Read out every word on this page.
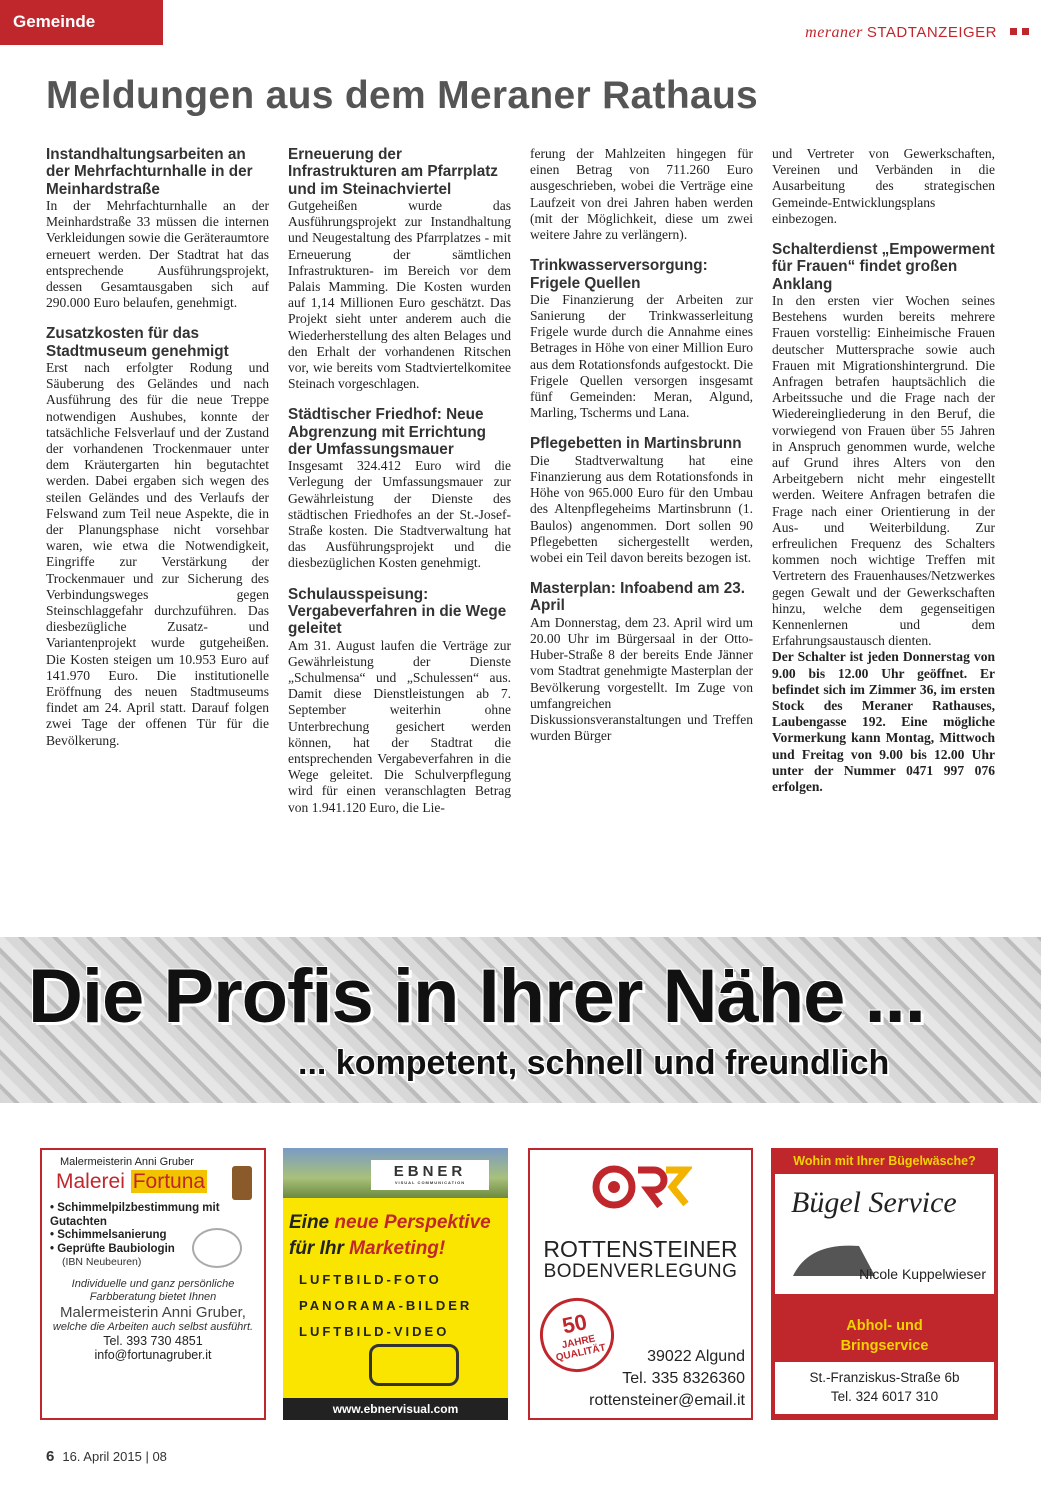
Gemeinde
meraner STADTANZEIGER
Meldungen aus dem Meraner Rathaus
Instandhaltungsarbeiten an der Mehrfachturnhalle in der Meinhardstraße

In der Mehrfachturnhalle an der Meinhardstraße 33 müssen die internen Verkleidungen sowie die Geräteraumtore erneuert werden. Der Stadtrat hat das entsprechende Ausführungsprojekt, dessen Gesamtausgaben sich auf 290.000 Euro belaufen, genehmigt.

Zusatzkosten für das Stadtmuseum genehmigt

Erst nach erfolgter Rodung und Säuberung des Geländes und nach Ausführung des für die neue Treppe notwendigen Aushubes, konnte der tatsächliche Felsverlauf und der Zustand der vorhandenen Trockenmauer unter dem Kräutergarten hin begutachtet werden. Dabei ergaben sich wegen des steilen Geländes und des Verlaufs der Felswand zum Teil neue Aspekte, die in der Planungsphase nicht vorsehbar waren, wie etwa die Notwendigkeit, Eingriffe zur Verstärkung der Trockenmauer und zur Sicherung des Verbindungsweges gegen Steinschlaggefahr durchzuführen. Das diesbezügliche Zusatz- und Variantenprojekt wurde gutgeheißen. Die Kosten steigen um 10.953 Euro auf 141.970 Euro. Die institutionelle Eröffnung des neuen Stadtmuseums findet am 24. April statt. Darauf folgen zwei Tage der offenen Tür für die Bevölkerung.

Erneuerung der Infrastrukturen am Pfarrplatz und im Steinachviertel

Gutgeheißen wurde das Ausführungsprojekt zur Instandhaltung und Neugestaltung des Pfarrplatzes - mit Erneuerung der sämtlichen Infrastrukturen- im Bereich vor dem Palais Mamming. Die Kosten wurden auf 1,14 Millionen Euro geschätzt. Das Projekt sieht unter anderem auch die Wiederherstellung des alten Belages und den Erhalt der vorhandenen Ritschen vor, wie bereits vom Stadtviertelkomitee Steinach vorgeschlagen.

Städtischer Friedhof: Neue Abgrenzung mit Errichtung der Umfassungsmauer

Insgesamt 324.412 Euro wird die Verlegung der Umfassungsmauer zur Gewährleistung der Dienste des städtischen Friedhofes an der St.-Josef-Straße kosten. Die Stadtverwaltung hat das Ausführungsprojekt und die diesbezüglichen Kosten genehmigt.

Schulausspeisung: Vergabeverfahren in die Wege geleitet

Am 31. August laufen die Verträge zur Gewährleistung der Dienste „Schulmensa“ und „Schulessen“ aus. Damit diese Dienstleistungen ab 7. September weiterhin ohne Unterbrechung gesichert werden können, hat der Stadtrat die entsprechenden Vergabeverfahren in die Wege geleitet. Die Schulverpflegung wird für einen veranschlagten Betrag von 1.941.120 Euro, die Lie-

ferung der Mahlzeiten hingegen für einen Betrag von 711.260 Euro ausgeschrieben, wobei die Verträge eine Laufzeit von drei Jahren haben werden (mit der Möglichkeit, diese um zwei weitere Jahre zu verlängern).

Trinkwasserversorgung: Frigele Quellen

Die Finanzierung der Arbeiten zur Sanierung der Trinkwasserleitung Frigele wurde durch die Annahme eines Betrages in Höhe von einer Million Euro aus dem Rotationsfonds aufgestockt. Die Frigele Quellen versorgen insgesamt fünf Gemeinden: Meran, Algund, Marling, Tscherms und Lana.

Pflegebetten in Martinsbrunn

Die Stadtverwaltung hat eine Finanzierung aus dem Rotationsfonds in Höhe von 965.000 Euro für den Umbau des Altenpflegeheims Martinsbrunn (1. Baulos) angenommen. Dort sollen 90 Pflegebetten sichergestellt werden, wobei ein Teil davon bereits bezogen ist.

Masterplan: Infoabend am 23. April

Am Donnerstag, dem 23. April wird um 20.00 Uhr im Bürgersaal in der Otto-Huber-Straße 8 der bereits Ende Jänner vom Stadtrat genehmigte Masterplan der Bevölkerung vorgestellt. Im Zuge von umfangreichen Diskussionsveranstaltungen und Treffen wurden Bürger

und Vertreter von Gewerkschaften, Vereinen und Verbänden in die Ausarbeitung des strategischen Gemeinde-Entwicklungsplans einbezogen.

Schalterdienst „Empowerment für Frauen“ findet großen Anklang

In den ersten vier Wochen seines Bestehens wurden bereits mehrere Frauen vorstellig: Einheimische Frauen deutscher Muttersprache sowie auch Frauen mit Migrationshintergrund. Die Anfragen betrafen hauptsächlich die Arbeitssuche und die Frage nach der Wiedereingliederung in den Beruf, die vorwiegend von Frauen über 55 Jahren in Anspruch genommen wurde, welche auf Grund ihres Alters von den Arbeitgebern nicht mehr eingestellt werden. Weitere Anfragen betrafen die Frage nach einer Orientierung in der Aus- und Weiterbildung. Zur erfreulichen Frequenz des Schalters kommen noch wichtige Treffen mit Vertretern des Frauenhauses/Netzwerkes gegen Gewalt und der Gewerkschaften hinzu, welche dem gegenseitigen Kennenlernen und dem Erfahrungsaustausch dienten.

Der Schalter ist jeden Donnerstag von 9.00 bis 12.00 Uhr geöffnet. Er befindet sich im Zimmer 36, im ersten Stock des Meraner Rathauses, Laubengasse 192. Eine mögliche Vormerkung kann Montag, Mittwoch und Freitag von 9.00 bis 12.00 Uhr unter der Nummer 0471 997 076 erfolgen.

Die Profis in Ihrer Nähe ...
... kompetent, schnell und freundlich
Malermeisterin Anni Gruber
Malerei Fortuna
• Schimmelpilzbestimmung mit Gutachten
• Schimmelsanierung
• Geprüfte Baubiologin
(IBN Neubeuren)
Individuelle und ganz persönliche Farbberatung bietet Ihnen
Malermeisterin Anni Gruber,
welche die Arbeiten auch selbst ausführt.
Tel. 393 730 4851
info@fortunagruber.it
EBNER
VISUAL COMMUNICATION
Eine neue Perspektive
für Ihr Marketing!
LUFTBILD-FOTO
PANORAMA-BILDER
LUFTBILD-VIDEO
www.ebnervisual.com
ROTTENSTEINER
BODENVERLEGUNG
50
JAHRE QUALITÄT	39022 Algund
Tel. 335 8326360
rottensteiner@email.it
Wohin mit Ihrer Bügelwäsche?
Bügel Service
Nicole Kuppelwieser
Abhol- und
Bringservice
St.-Franziskus-Straße 6b
Tel. 324 6017 310
6 16. April 2015 | 08
